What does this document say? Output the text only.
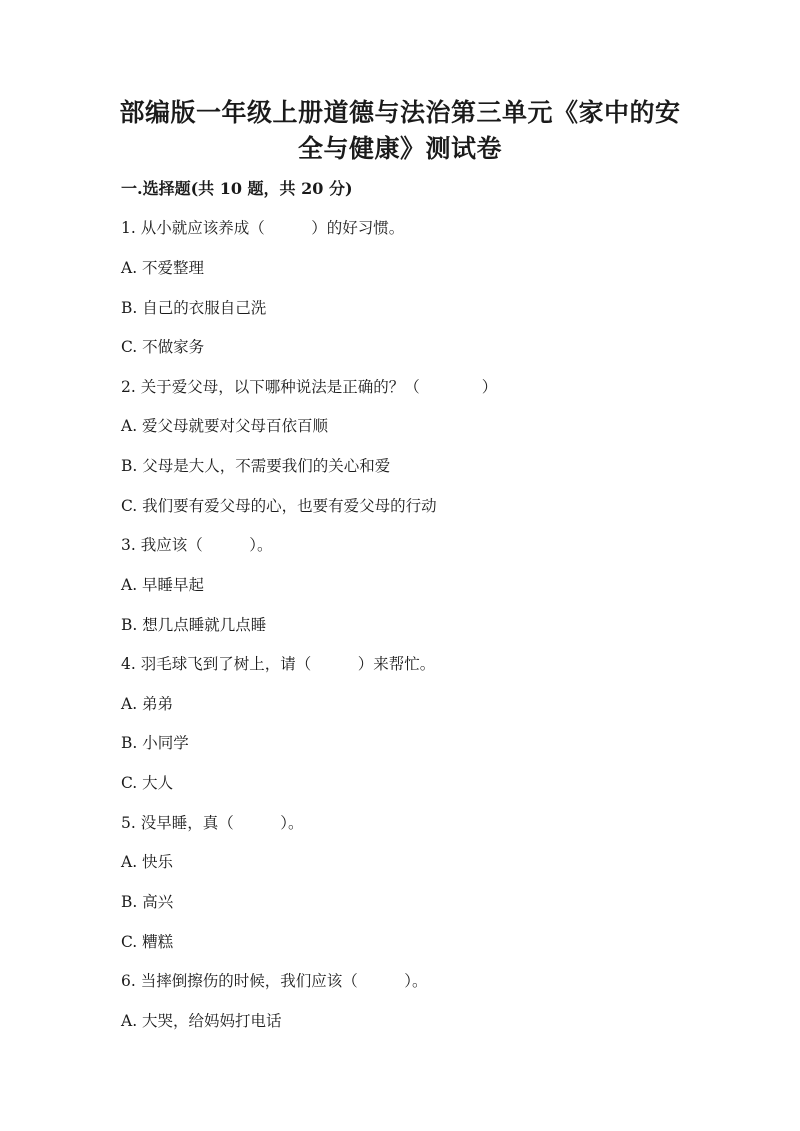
部编版一年级上册道德与法治第三单元《家中的安
全与健康》测试卷
一.选择题(共 10 题，共 20 分)
1. 从小就应该养成（　　　）的好习惯。
A. 不爱整理
B. 自己的衣服自己洗
C. 不做家务
2. 关于爱父母，以下哪种说法是正确的？（　　　　）
A. 爱父母就要对父母百依百顺
B. 父母是大人，不需要我们的关心和爱
C. 我们要有爱父母的心，也要有爱父母的行动
3. 我应该（　　　）。
A. 早睡早起
B. 想几点睡就几点睡
4. 羽毛球飞到了树上，请（　　　）来帮忙。
A. 弟弟
B. 小同学
C. 大人
5. 没早睡，真（　　　）。
A. 快乐
B. 高兴
C. 糟糕
6. 当摔倒擦伤的时候，我们应该（　　　）。
A. 大哭，给妈妈打电话
